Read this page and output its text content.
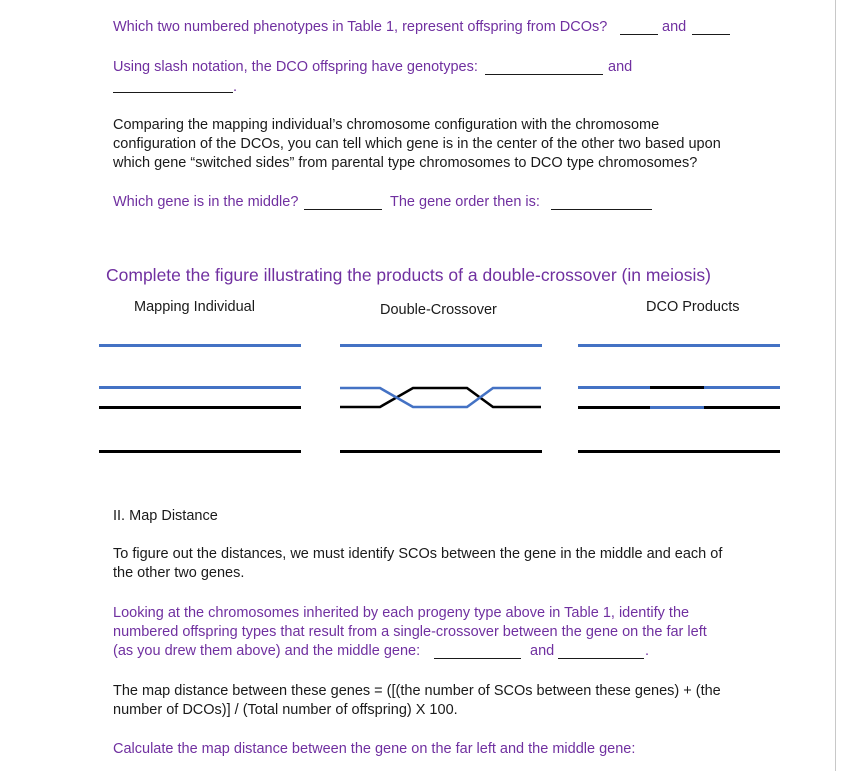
Which two numbered phenotypes in Table 1, represent offspring from DCOs?	and
Using slash notation, the DCO offspring have genotypes:	and
.
Comparing the mapping individual’s chromosome configuration with the chromosome
configuration of the DCOs, you can tell which gene is in the center of the other two based upon
which gene “switched sides” from parental type chromosomes to DCO type chromosomes?
Which gene is in the middle?	The gene order then is:
Complete the figure illustrating the products of a double-crossover (in meiosis)
Mapping Individual	Double-Crossover	DCO Products
II. Map Distance
To figure out the distances, we must identify SCOs between the gene in the middle and each of
the other two genes.
Looking at the chromosomes inherited by each progeny type above in Table 1, identify the
numbered offspring types that result from a single-crossover between the gene on the far left
(as you drew them above) and the middle gene:	and	.
The map distance between these genes = ([(the number of SCOs between these genes) + (the
number of DCOs)] / (Total number of offspring) X 100.
Calculate the map distance between the gene on the far left and the middle gene:
